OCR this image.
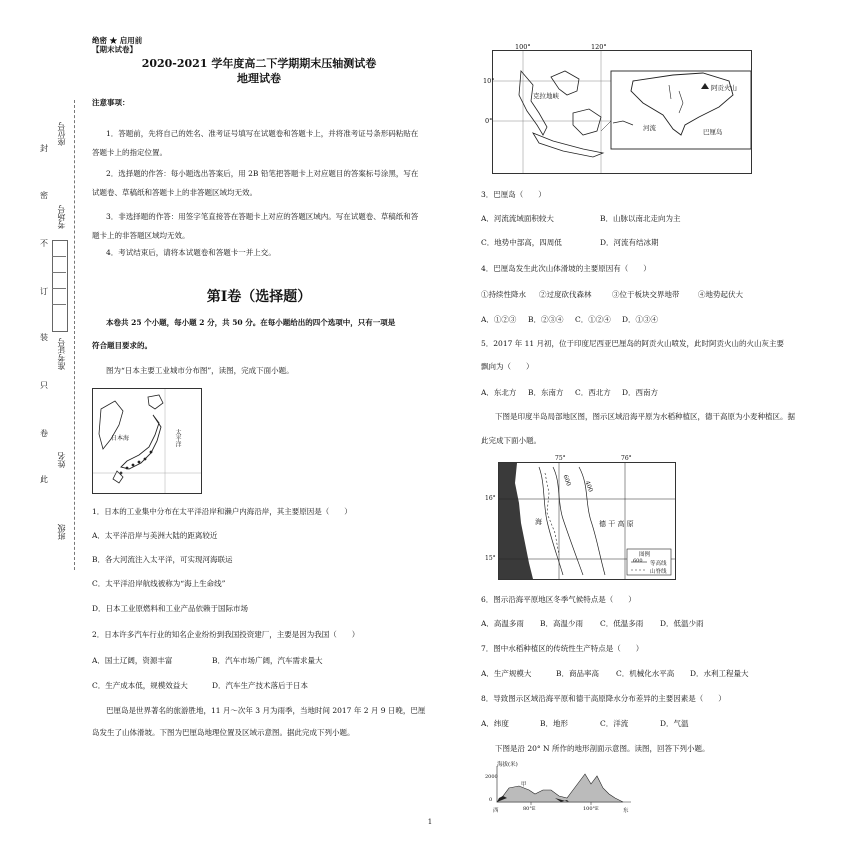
封
密
不
订
装
只
卷
此
座位号
考场号
准考证号
姓名
班级
绝密 ★ 启用前
【期末试卷】
2020-2021 学年度高二下学期期末压轴测试卷
地理试卷
注意事项：
1．答题前，先将自己的姓名、准考证号填写在试题卷和答题卡上，并将准考证号条形码粘贴在答题卡上的指定位置。
2．选择题的作答：每小题选出答案后，用 2B 铅笔把答题卡上对应题目的答案标号涂黑，写在试题卷、草稿纸和答题卡上的非答题区域均无效。
3．非选择题的作答：用签字笔直接答在答题卡上对应的答题区域内。写在试题卷、草稿纸和答题卡上的非答题区域均无效。
4．考试结束后，请将本试题卷和答题卡一并上交。
第Ⅰ卷（选择题）
本卷共 25 个小题，每小题 2 分，共 50 分。在每小题给出的四个选项中，只有一项是
符合题目要求的。
图为“日本主要工业城市分布图”，读图，完成下面小题。
日本海	太平洋
1．日本的工业集中分布在太平洋沿岸和濑户内海沿岸，其主要原因是（　　）
A．太平洋沿岸与美洲大陆的距离较近
B．各大河流注入太平洋，可实现河海联运
C．太平洋沿岸航线被称为“海上生命线”
D．日本工业原燃料和工业产品依赖于国际市场
2．日本许多汽车行业的知名企业纷纷到我国投资建厂，主要是因为我国（　　）
A．国土辽阔，资源丰富	B．汽车市场广阔，汽车需求量大
C．生产成本低，规模效益大	D．汽车生产技术落后于日本
巴厘岛是世界著名的旅游胜地，11 月～次年 3 月为雨季，当地时间 2017 年 2 月 9 日晚，巴厘
岛发生了山体滑坡。下图为巴厘岛地理位置及区域示意图。据此完成下列小题。
100°	120°
10°
0°
克拉地峡
阿贡火山
河流	巴厘岛
3．巴厘岛（　　）
A．河流流域面积较大	B．山脉以南北走向为主
C．地势中部高，四周低	D．河流有结冰期
4．巴厘岛发生此次山体滑坡的主要原因有（　　）
①持续性降水 ②过度砍伐森林	③位于板块交界地带 ④地势起伏大
A．①②③ B．②③④ C．①②④ D．①③④
5．2017 年 11 月初，位于印度尼西亚巴厘岛的阿贡火山喷发，此时阿贡火山的火山灰主要
飘向为（　　）
A．东北方 B．东南方 C．西北方 D．西南方
下图是印度半岛局部地区图，图示区域沿海平原为水稻种植区，德干高原为小麦种植区。据
此完成下面小题。
75°	76°
16°
15°
600 400
德 干 高 原
海
图例
600 等高线
山脊线
6．图示沿海平原地区冬季气候特点是（　　）
A．高温多雨 B．高温少雨 C．低温多雨 D．低温少雨
7．图中水稻种植区的传统性生产特点是（　　）
A．生产规模大	B．商品率高 C．机械化水平高 D．水利工程量大
8．导致图示区域沿海平原和德干高原降水分布差异的主要因素是（　　）
A．纬度	B．地形	C．洋流	D．气温
下图是沿 20° N 所作的地形剖面示意图。读图，回答下列小题。
海拔(米)
2000
0
甲
西	80°E	100°E	东
1
